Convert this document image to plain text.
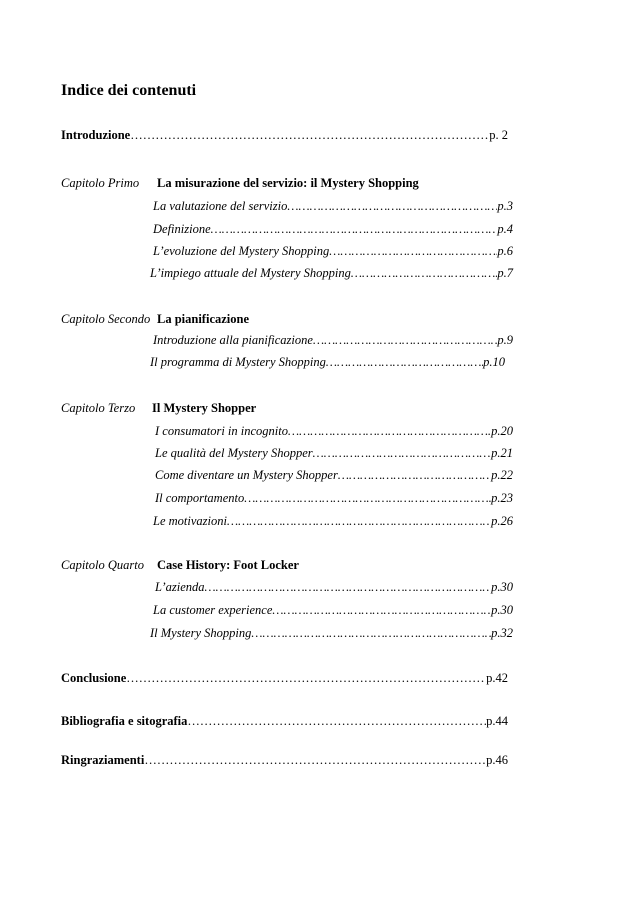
Indice dei contenuti
Introduzione ……………………………………………………………………………………………………………………………………………………………	p. 2
Capitolo Primo La misurazione del servizio: il Mystery Shopping
La valutazione del servizio ……………………………………………………………………………………………………………………………………………………………	p.3
Definizione ……………………………………………………………………………………………………………………………………………………………	p.4
L’evoluzione del Mystery Shopping ……………………………………………………………………………………………………………………………………………………………	p.6
L’impiego attuale del Mystery Shopping ……………………………………………………………………………………………………………………………………………………………	p.7
Capitolo Secondo La pianificazione
Introduzione alla pianificazione ……………………………………………………………………………………………………………………………………………………………	p.9
Il programma di Mystery Shopping ……………………………………………………………………………………………………………………………………………………………	p.10
Capitolo Terzo Il Mystery Shopper
I consumatori in incognito ……………………………………………………………………………………………………………………………………………………………	p.20
Le qualità del Mystery Shopper ……………………………………………………………………………………………………………………………………………………………	p.21
Come diventare un Mystery Shopper ……………………………………………………………………………………………………………………………………………………………	p.22
Il comportamento ……………………………………………………………………………………………………………………………………………………………	p.23
Le motivazioni ……………………………………………………………………………………………………………………………………………………………	p.26
Capitolo Quarto Case History: Foot Locker
L’azienda ……………………………………………………………………………………………………………………………………………………………	p.30
La customer experience ……………………………………………………………………………………………………………………………………………………………	p.30
Il Mystery Shopping ……………………………………………………………………………………………………………………………………………………………	p.32
Conclusione ……………………………………………………………………………………………………………………………………………………………	p.42
Bibliografia e sitografia ……………………………………………………………………………………………………………………………………………………………	p.44
Ringraziamenti ……………………………………………………………………………………………………………………………………………………………	p.46
